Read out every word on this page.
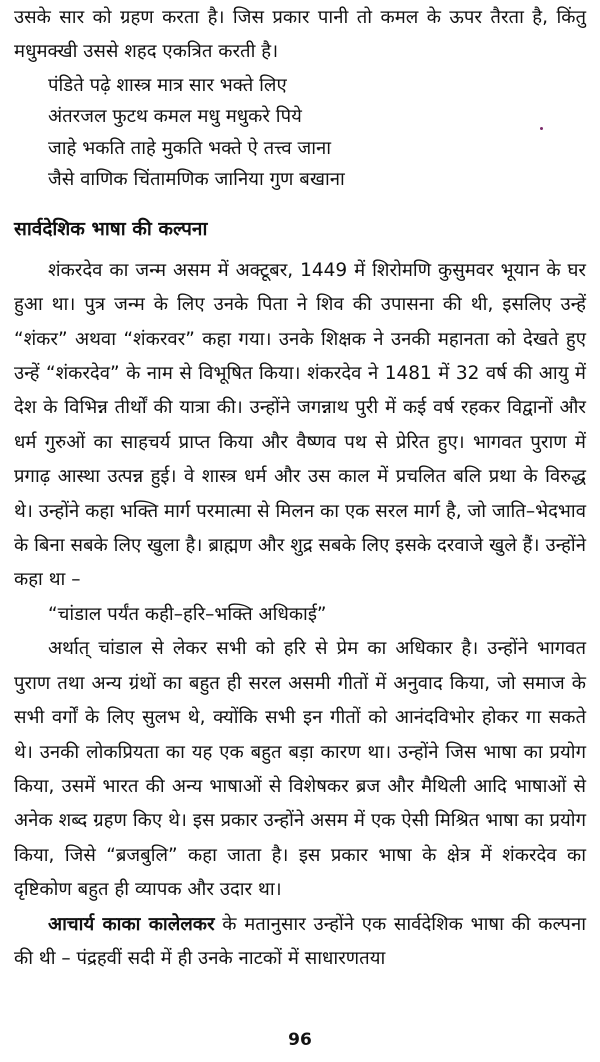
उसके सार को ग्रहण करता है। जिस प्रकार पानी तो कमल के ऊपर तैरता है, किंतु मधुमक्खी उससे शहद एकत्रित करती है।

पंडिते पढ़े शास्त्र मात्र सार भक्ते लिए
अंतरजल फुटथ कमल मधु मधुकरे पिये
जाहे भकति ताहे मुकति भक्ते ऐ तत्त्व जाना
जैसे वाणिक चिंतामणिक जानिया गुण बखाना
सार्वदेशिक भाषा की कल्पना

शंकरदेव का जन्म असम में अक्टूबर, 1449 में शिरोमणि कुसुमवर भूयान के घर हुआ था। पुत्र जन्म के लिए उनके पिता ने शिव की उपासना की थी, इसलिए उन्हें “शंकर” अथवा “शंकरवर” कहा गया। उनके शिक्षक ने उनकी महानता को देखते हुए उन्हें “शंकरदेव” के नाम से विभूषित किया। शंकरदेव ने 1481 में 32 वर्ष की आयु में देश के विभिन्न तीर्थों की यात्रा की। उन्होंने जगन्नाथ पुरी में कई वर्ष रहकर विद्वानों और धर्म गुरुओं का साहचर्य प्राप्त किया और वैष्णव पथ से प्रेरित हुए। भागवत पुराण में प्रगाढ़ आस्था उत्पन्न हुई। वे शास्त्र धर्म और उस काल में प्रचलित बलि प्रथा के विरुद्ध थे। उन्होंने कहा भक्ति मार्ग परमात्मा से मिलन का एक सरल मार्ग है, जो जाति–भेदभाव के बिना सबके लिए खुला है। ब्राह्मण और शुद्र सबके लिए इसके दरवाजे खुले हैं। उन्होंने कहा था –

“चांडाल पर्यंत कही–हरि–भक्ति अधिकाई”

अर्थात् चांडाल से लेकर सभी को हरि से प्रेम का अधिकार है। उन्होंने भागवत पुराण तथा अन्य ग्रंथों का बहुत ही सरल असमी गीतों में अनुवाद किया, जो समाज के सभी वर्गों के लिए सुलभ थे, क्योंकि सभी इन गीतों को आनंदविभोर होकर गा सकते थे। उनकी लोकप्रियता का यह एक बहुत बड़ा कारण था। उन्होंने जिस भाषा का प्रयोग किया, उसमें भारत की अन्य भाषाओं से विशेषकर ब्रज और मैथिली आदि भाषाओं से अनेक शब्द ग्रहण किए थे। इस प्रकार उन्होंने असम में एक ऐसी मिश्रित भाषा का प्रयोग किया, जिसे “ब्रजबुलि” कहा जाता है। इस प्रकार भाषा के क्षेत्र में शंकरदेव का दृष्टिकोण बहुत ही व्यापक और उदार था।

आचार्य काका कालेलकर के मतानुसार उन्होंने एक सार्वदेशिक भाषा की कल्पना की थी – पंद्रहवीं सदी में ही उनके नाटकों में साधारणतया

96
